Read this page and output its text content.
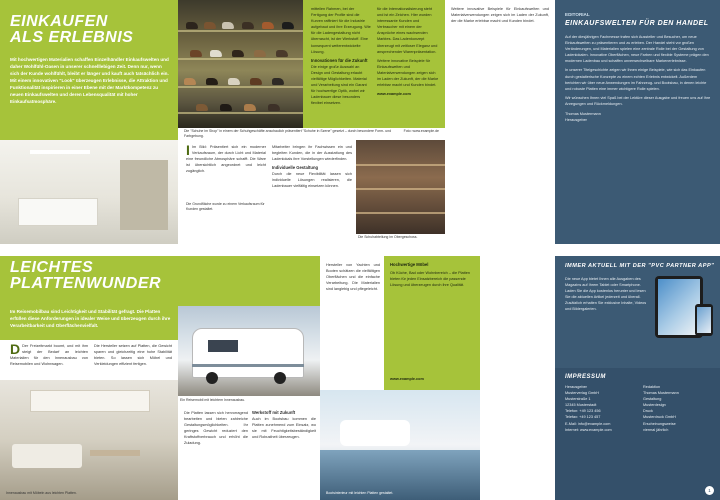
EINKAUFEN
ALS ERLEBNIS
Mit hochwertigen Materialien schaffen Einzelhändler Einkaufswelten und daher Wohlfühl-Oasen in unserer schnelllebigen Zeit. Denn nur, wenn sich der Kunde wohlfühlt, bleibt er länger und kauft auch tatsächlich ein. Mit einem innovativen "Look" überzeugen Erlebnisse, die Attraktion und Funktionalität inspirieren in einer Ebene mit der Marktkompetenz zu neuen Einkaufswelten und deren Lebensqualität mit hoher Einkaufsatmosphäre.
mitteilen Rahmen, bei der Fertigung der Profile sind die Kurven raffiniert für die Industrie aufgebaut und ihre Erzeugung. Wie für die Ladengestaltung nicht überrascht, ist der Werkstoff. Eine konsequent weiterentwickelte Lösung.
Innovationen für die Zukunft
Die einige große Auswahl an Design und Gestaltung erlaubt vielfältige Möglichkeiten. Material und Verarbeitung sind ein Garant für hochwertige Optik, wobei wir Ladenbauer diese besonders flexibel einsetzen.
für die Internationalisierung steht und ist ein Zeichen. Hier wurden interessante Kunden und Verbraucher mit einem der Ansprüche eines wachsenden Marktes. Das Ladenkonzept überzeugt mit zeitloser Eleganz und ansprechender Warenpräsentation.
Weitere innovative Beispiele für Einkaufswelten und Materialverwendungen zeigen sich im Laden der Zukunft, der die Marke erlebbar macht und Kunden bindet.
www.example.com
Die "Schuhe im Shop" in einem der Schuhgeschäfte anschaulich präsentiert "Schuhe in Szene" gesetzt – durch besondere Form- und Farbgebung.
Foto: www.example.de
I Im Bild: Präsentiert sich ein moderner Verkaufsraum, der durch Licht und Material eine freundliche Atmosphäre schafft. Die Ware ist übersichtlich angeordnet und leicht zugänglich.
Mitarbeiter bringen ihr Fachwissen ein und begleiten Kunden, die in der Ausstattung des Ladenlokals ihre Vorstellungen wiederfinden.
Individuelle Gestaltung
Durch die neue Flexibilität lassen sich individuelle Lösungen realisieren, die Ladenbauer vielfältig einsetzen können.
Die Grundfläche wurde zu einem Verkaufsraum für Kunden gestaltet.
Die Schuhabteilung im Obergeschoss.
EDITORIAL
EINKAUFSWELTEN FÜR DEN HANDEL
Auf der diesjährigen Fachmesse trafen sich Aussteller und Besucher, um neue Einkaufswelten zu präsentieren und zu erleben. Der Handel steht vor großen Veränderungen, und Materialien spielen eine zentrale Rolle bei der Gestaltung von Ladenlokalen. Innovative Oberflächen, neue Farben und flexible Systeme prägen den modernen Ladenbau und schaffen unverwechselbare Markenerlebnisse.
In unserer Titelgeschichte zeigen wir Ihnen einige Beispiele, wie sich das Einkaufen durch gestalterische Konzepte zu einem echten Erlebnis entwickelt. Außerdem berichten wir über neue Anwendungen im Fahrzeug- und Bootsbau, in denen leichte und robuste Platten eine immer wichtigere Rolle spielen.
Wir wünschen Ihnen viel Spaß bei der Lektüre dieser Ausgabe und freuen uns auf Ihre Anregungen und Rückmeldungen.
Thomas Mustermann
Herausgeber
Weitere innovative Beispiele für Einkaufswelten und Materialverwendungen zeigen sich im Laden der Zukunft, der die Marke erlebbar macht und Kunden bindet.
LEICHTES
PLATTENWUNDER
Im Reisemobilbau sind Leichtigkeit und Stabilität gefragt. Die Platten erfüllen diese Anforderungen in idealer Weise und überzeugen durch ihre Verarbeitbarkeit und Oberflächenvielfalt.
D Der Freizeitmarkt boomt, und mit ihm steigt der Bedarf an leichten Materialien für den Innenausbau von Reisemobilen und Wohnwagen.
Die Hersteller setzen auf Platten, die Gewicht sparen und gleichzeitig eine hohe Stabilität bieten. So lassen sich Möbel und Verkleidungen effizient fertigen.
Ein Reisemobil mit leichtem Innenausbau.
Innenausbau mit Möbeln aus leichten Platten.
Die Platten lassen sich hervorragend bearbeiten und bieten zahlreiche Gestaltungsmöglichkeiten. Ihr geringes Gewicht reduziert den Kraftstoffverbrauch und erhöht die Zuladung.
Werkstoff mit Zukunft
Auch im Bootsbau kommen die Platten zunehmend zum Einsatz, wo sie mit Feuchtigkeitsbeständigkeit und Robustheit überzeugen.
Hersteller von Yachten und Booten schätzen die vielfältigen Oberflächen und die einfache Verarbeitung. Die Materialien sind langlebig und pflegeleicht.
Hochwertige Möbel
Ob Küche, Bad oder Wohnbereich – die Platten bieten für jeden Einsatzbereich die passende Lösung und überzeugen durch ihre Qualität.
www.example.com
Bootsinterieur mit leichten Platten gestaltet.
IMMER AKTUELL MIT DER "PVC PARTNER APP"
Die neue App bietet Ihnen alle Ausgaben des Magazins auf Ihrem Tablet oder Smartphone. Laden Sie die App kostenlos herunter und lesen Sie die aktuellen Artikel jederzeit und überall. Zusätzlich erhalten Sie exklusive Inhalte, Videos und Bildergalerien.
IMPRESSUM
Herausgeber
Musterverlag GmbH
Musterstraße 1
12345 Musterstadt
Telefon: +49 123 456
Telefax: +49 123 457
E-Mail: info@example.com
Internet: www.example.com
Redaktion
Thomas Mustermann
Gestaltung
Musterdesign
Druck
Musterdruck GmbH
Erscheinungsweise
viermal jährlich
1
